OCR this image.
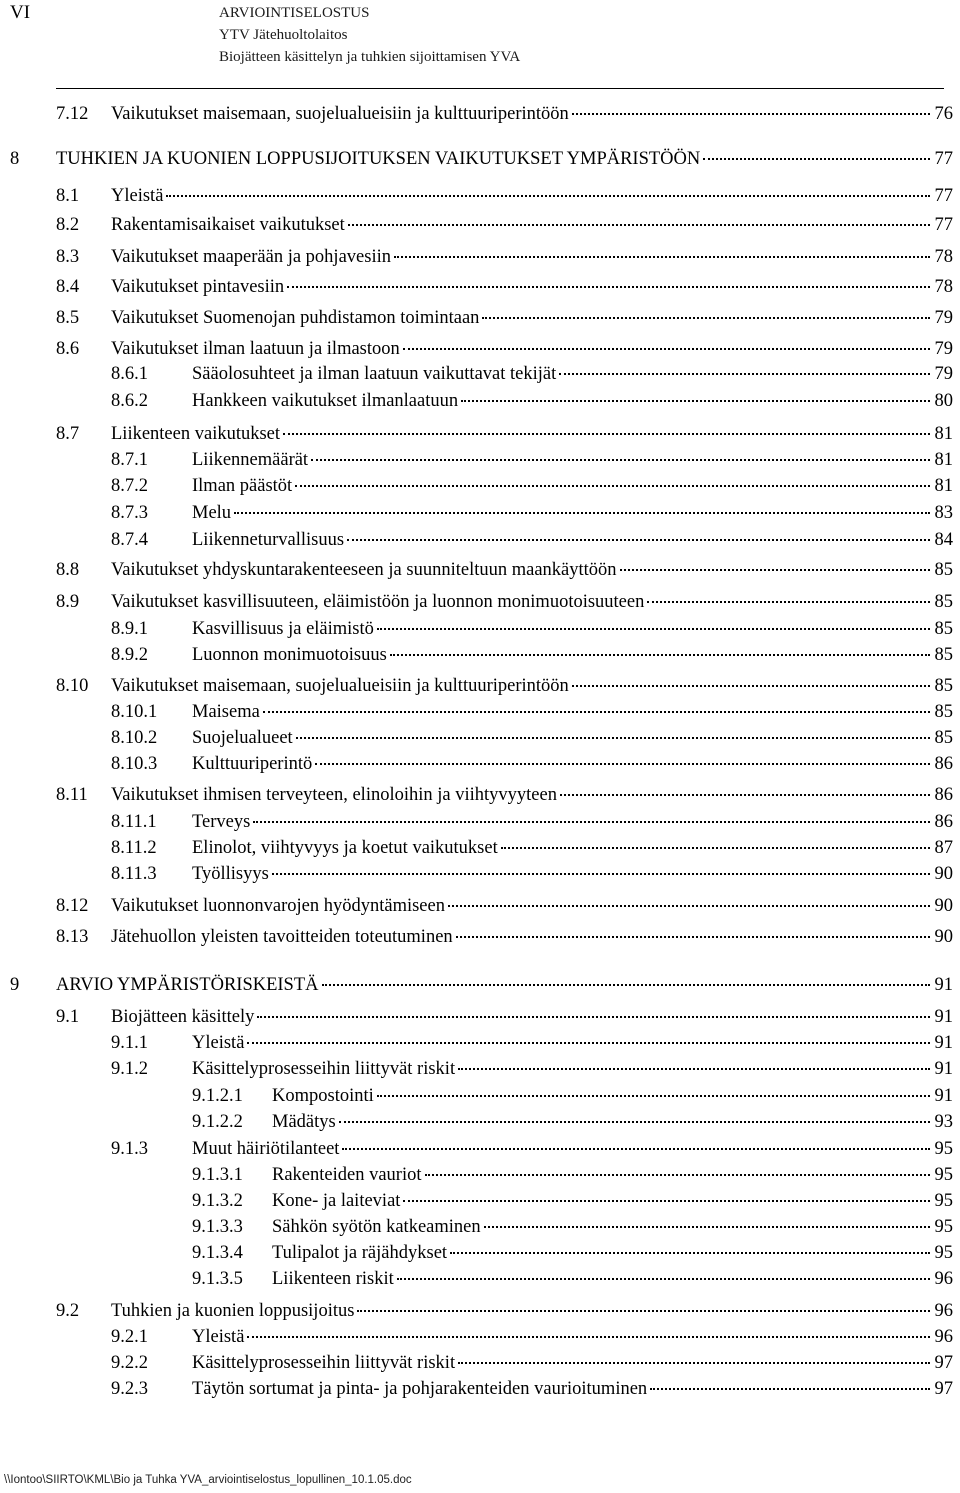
VI	ARVIOINTISELOSTUS
YTV Jätehuoltolaitos
Biojätteen käsittelyn ja tuhkien sijoittamisen YVA
7.12	Vaikutukset maisemaan, suojelualueisiin ja kulttuuriperintöön	76
8	TUHKIEN JA KUONIEN LOPPUSIJOITUKSEN VAIKUTUKSET YMPÄRISTÖÖN	77
8.1	Yleistä	77
8.2	Rakentamisaikaiset vaikutukset	77
8.3	Vaikutukset maaperään ja pohjavesiin	78
8.4	Vaikutukset pintavesiin	78
8.5	Vaikutukset Suomenojan puhdistamon toimintaan	79
8.6	Vaikutukset ilman laatuun ja ilmastoon	79
8.6.1	Sääolosuhteet ja ilman laatuun vaikuttavat tekijät	79
8.6.2	Hankkeen vaikutukset ilmanlaatuun	80
8.7	Liikenteen vaikutukset	81
8.7.1	Liikennemäärät	81
8.7.2	Ilman päästöt	81
8.7.3	Melu	83
8.7.4	Liikenneturvallisuus	84
8.8	Vaikutukset yhdyskuntarakenteeseen ja suunniteltuun maankäyttöön	85
8.9	Vaikutukset kasvillisuuteen, eläimistöön ja luonnon monimuotoisuuteen	85
8.9.1	Kasvillisuus ja eläimistö	85
8.9.2	Luonnon monimuotoisuus	85
8.10	Vaikutukset maisemaan, suojelualueisiin ja kulttuuriperintöön	85
8.10.1	Maisema	85
8.10.2	Suojelualueet	85
8.10.3	Kulttuuriperintö	86
8.11	Vaikutukset ihmisen terveyteen, elinoloihin ja viihtyvyyteen	86
8.11.1	Terveys	86
8.11.2	Elinolot, viihtyvyys ja koetut vaikutukset	87
8.11.3	Työllisyys	90
8.12	Vaikutukset luonnonvarojen hyödyntämiseen	90
8.13	Jätehuollon yleisten tavoitteiden toteutuminen	90
9	ARVIO YMPÄRISTÖRISKEISTÄ	91
9.1	Biojätteen käsittely	91
9.1.1	Yleistä	91
9.1.2	Käsittelyprosesseihin liittyvät riskit	91
9.1.2.1	Kompostointi	91
9.1.2.2	Mädätys	93
9.1.3	Muut häiriötilanteet	95
9.1.3.1	Rakenteiden vauriot	95
9.1.3.2	Kone- ja laiteviat	95
9.1.3.3	Sähkön syötön katkeaminen	95
9.1.3.4	Tulipalot ja räjähdykset	95
9.1.3.5	Liikenteen riskit	96
9.2	Tuhkien ja kuonien loppusijoitus	96
9.2.1	Yleistä	96
9.2.2	Käsittelyprosesseihin liittyvät riskit	97
9.2.3	Täytön sortumat ja pinta- ja pohjarakenteiden vaurioituminen	97
\\Iontoo\SIIRTO\KML\Bio ja Tuhka YVA_arviointiselostus_lopullinen_10.1.05.doc
